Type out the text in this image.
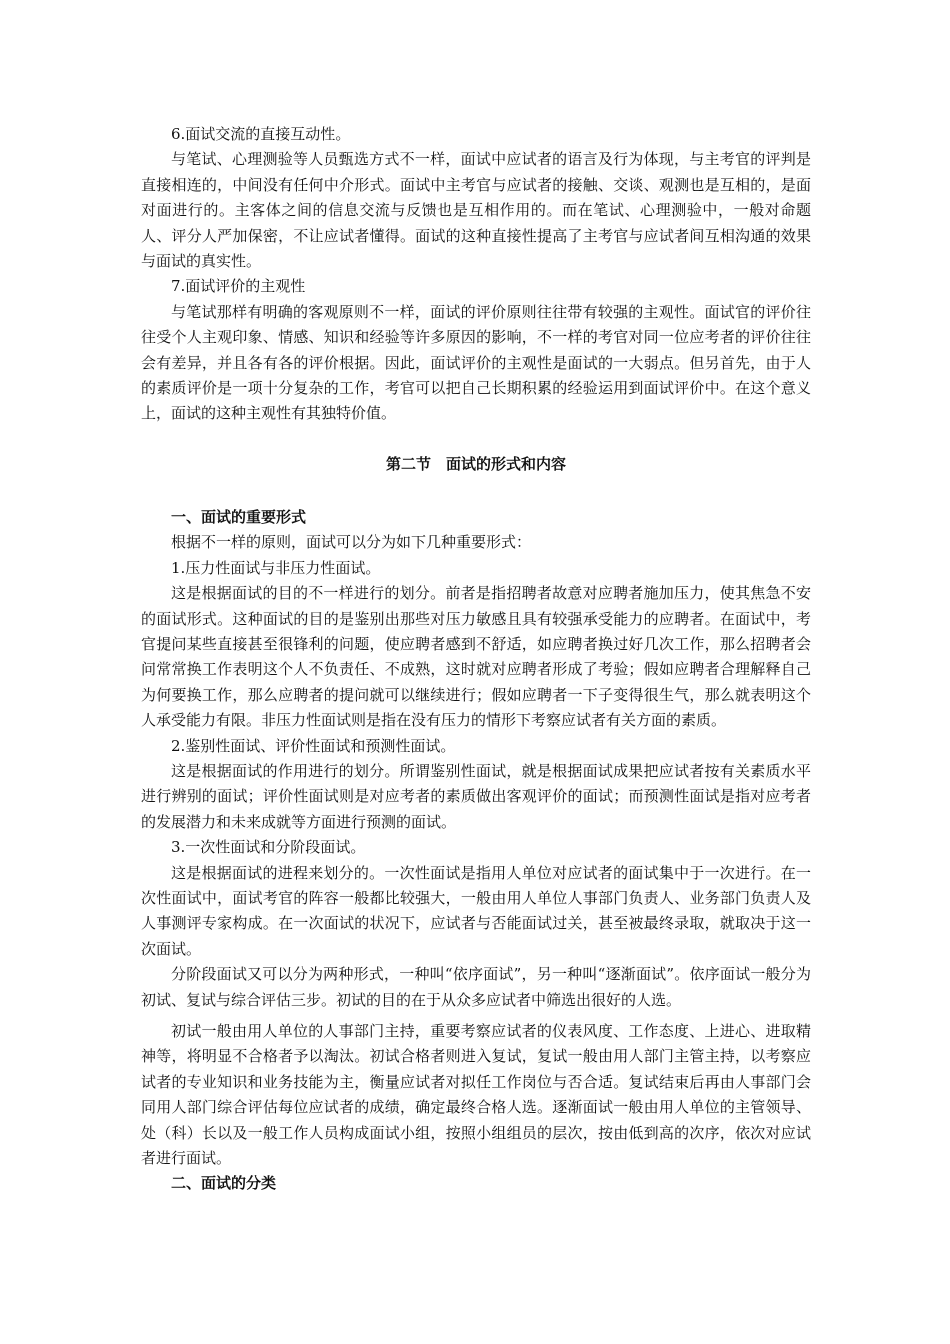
6.面试交流的直接互动性。

与笔试、心理测验等人员甄选方式不一样，面试中应试者的语言及行为体现，与主考官的评判是直接相连的，中间没有任何中介形式。面试中主考官与应试者的接触、交谈、观测也是互相的，是面对面进行的。主客体之间的信息交流与反馈也是互相作用的。而在笔试、心理测验中，一般对命题人、评分人严加保密，不让应试者懂得。面试的这种直接性提高了主考官与应试者间互相沟通的效果与面试的真实性。

7.面试评价的主观性

与笔试那样有明确的客观原则不一样，面试的评价原则往往带有较强的主观性。面试官的评价往往受个人主观印象、情感、知识和经验等许多原因的影响，不一样的考官对同一位应考者的评价往往会有差异，并且各有各的评价根据。因此，面试评价的主观性是面试的一大弱点。但另首先，由于人的素质评价是一项十分复杂的工作，考官可以把自己长期积累的经验运用到面试评价中。在这个意义上，面试的这种主观性有其独特价值。

第二节　面试的形式和内容

一、面试的重要形式

根据不一样的原则，面试可以分为如下几种重要形式：

1.压力性面试与非压力性面试。

这是根据面试的目的不一样进行的划分。前者是指招聘者故意对应聘者施加压力，使其焦急不安的面试形式。这种面试的目的是鉴别出那些对压力敏感且具有较强承受能力的应聘者。在面试中，考官提问某些直接甚至很锋利的问题，使应聘者感到不舒适，如应聘者换过好几次工作，那么招聘者会问常常换工作表明这个人不负责任、不成熟，这时就对应聘者形成了考验；假如应聘者合理解释自己为何要换工作，那么应聘者的提问就可以继续进行；假如应聘者一下子变得很生气，那么就表明这个人承受能力有限。非压力性面试则是指在没有压力的情形下考察应试者有关方面的素质。

2.鉴别性面试、评价性面试和预测性面试。

这是根据面试的作用进行的划分。所谓鉴别性面试，就是根据面试成果把应试者按有关素质水平进行辨别的面试；评价性面试则是对应考者的素质做出客观评价的面试；而预测性面试是指对应考者的发展潜力和未来成就等方面进行预测的面试。

3.一次性面试和分阶段面试。

这是根据面试的进程来划分的。一次性面试是指用人单位对应试者的面试集中于一次进行。在一次性面试中，面试考官的阵容一般都比较强大，一般由用人单位人事部门负责人、业务部门负责人及人事测评专家构成。在一次面试的状况下，应试者与否能面试过关，甚至被最终录取，就取决于这一次面试。

分阶段面试又可以分为两种形式，一种叫“依序面试”，另一种叫“逐渐面试”。依序面试一般分为初试、复试与综合评估三步。初试的目的在于从众多应试者中筛选出很好的人选。

初试一般由用人单位的人事部门主持，重要考察应试者的仪表风度、工作态度、上进心、进取精神等，将明显不合格者予以淘汰。初试合格者则进入复试，复试一般由用人部门主管主持，以考察应试者的专业知识和业务技能为主，衡量应试者对拟任工作岗位与否合适。复试结束后再由人事部门会同用人部门综合评估每位应试者的成绩，确定最终合格人选。逐渐面试一般由用人单位的主管领导、处（科）长以及一般工作人员构成面试小组，按照小组组员的层次，按由低到高的次序，依次对应试者进行面试。

二、面试的分类
